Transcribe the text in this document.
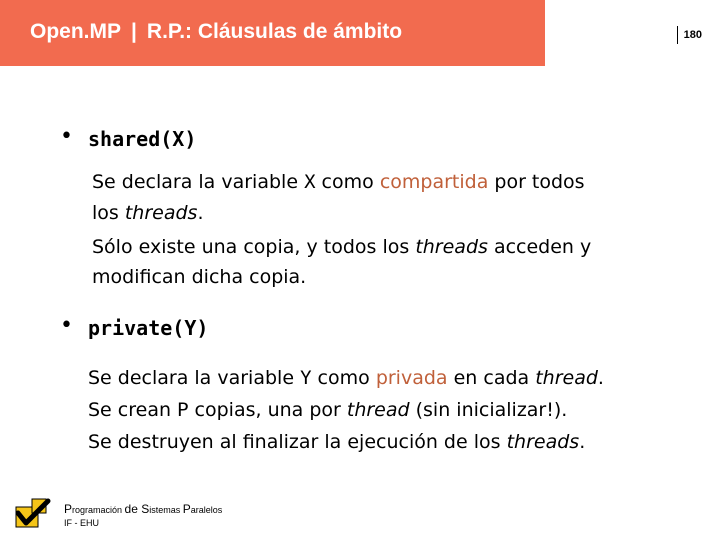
Open.MP | R.P.: Cláusulas de ámbito	180
• shared(X)
Se declara la variable X como compartida por todos
los threads.
Sólo existe una copia, y todos los threads acceden y
modifican dicha copia.
• private(Y)
Se declara la variable Y como privada en cada thread.
Se crean P copias, una por thread (sin inicializar!).
Se destruyen al finalizar la ejecución de los threads.
Programación de Sistemas Paralelos
IF - EHU
